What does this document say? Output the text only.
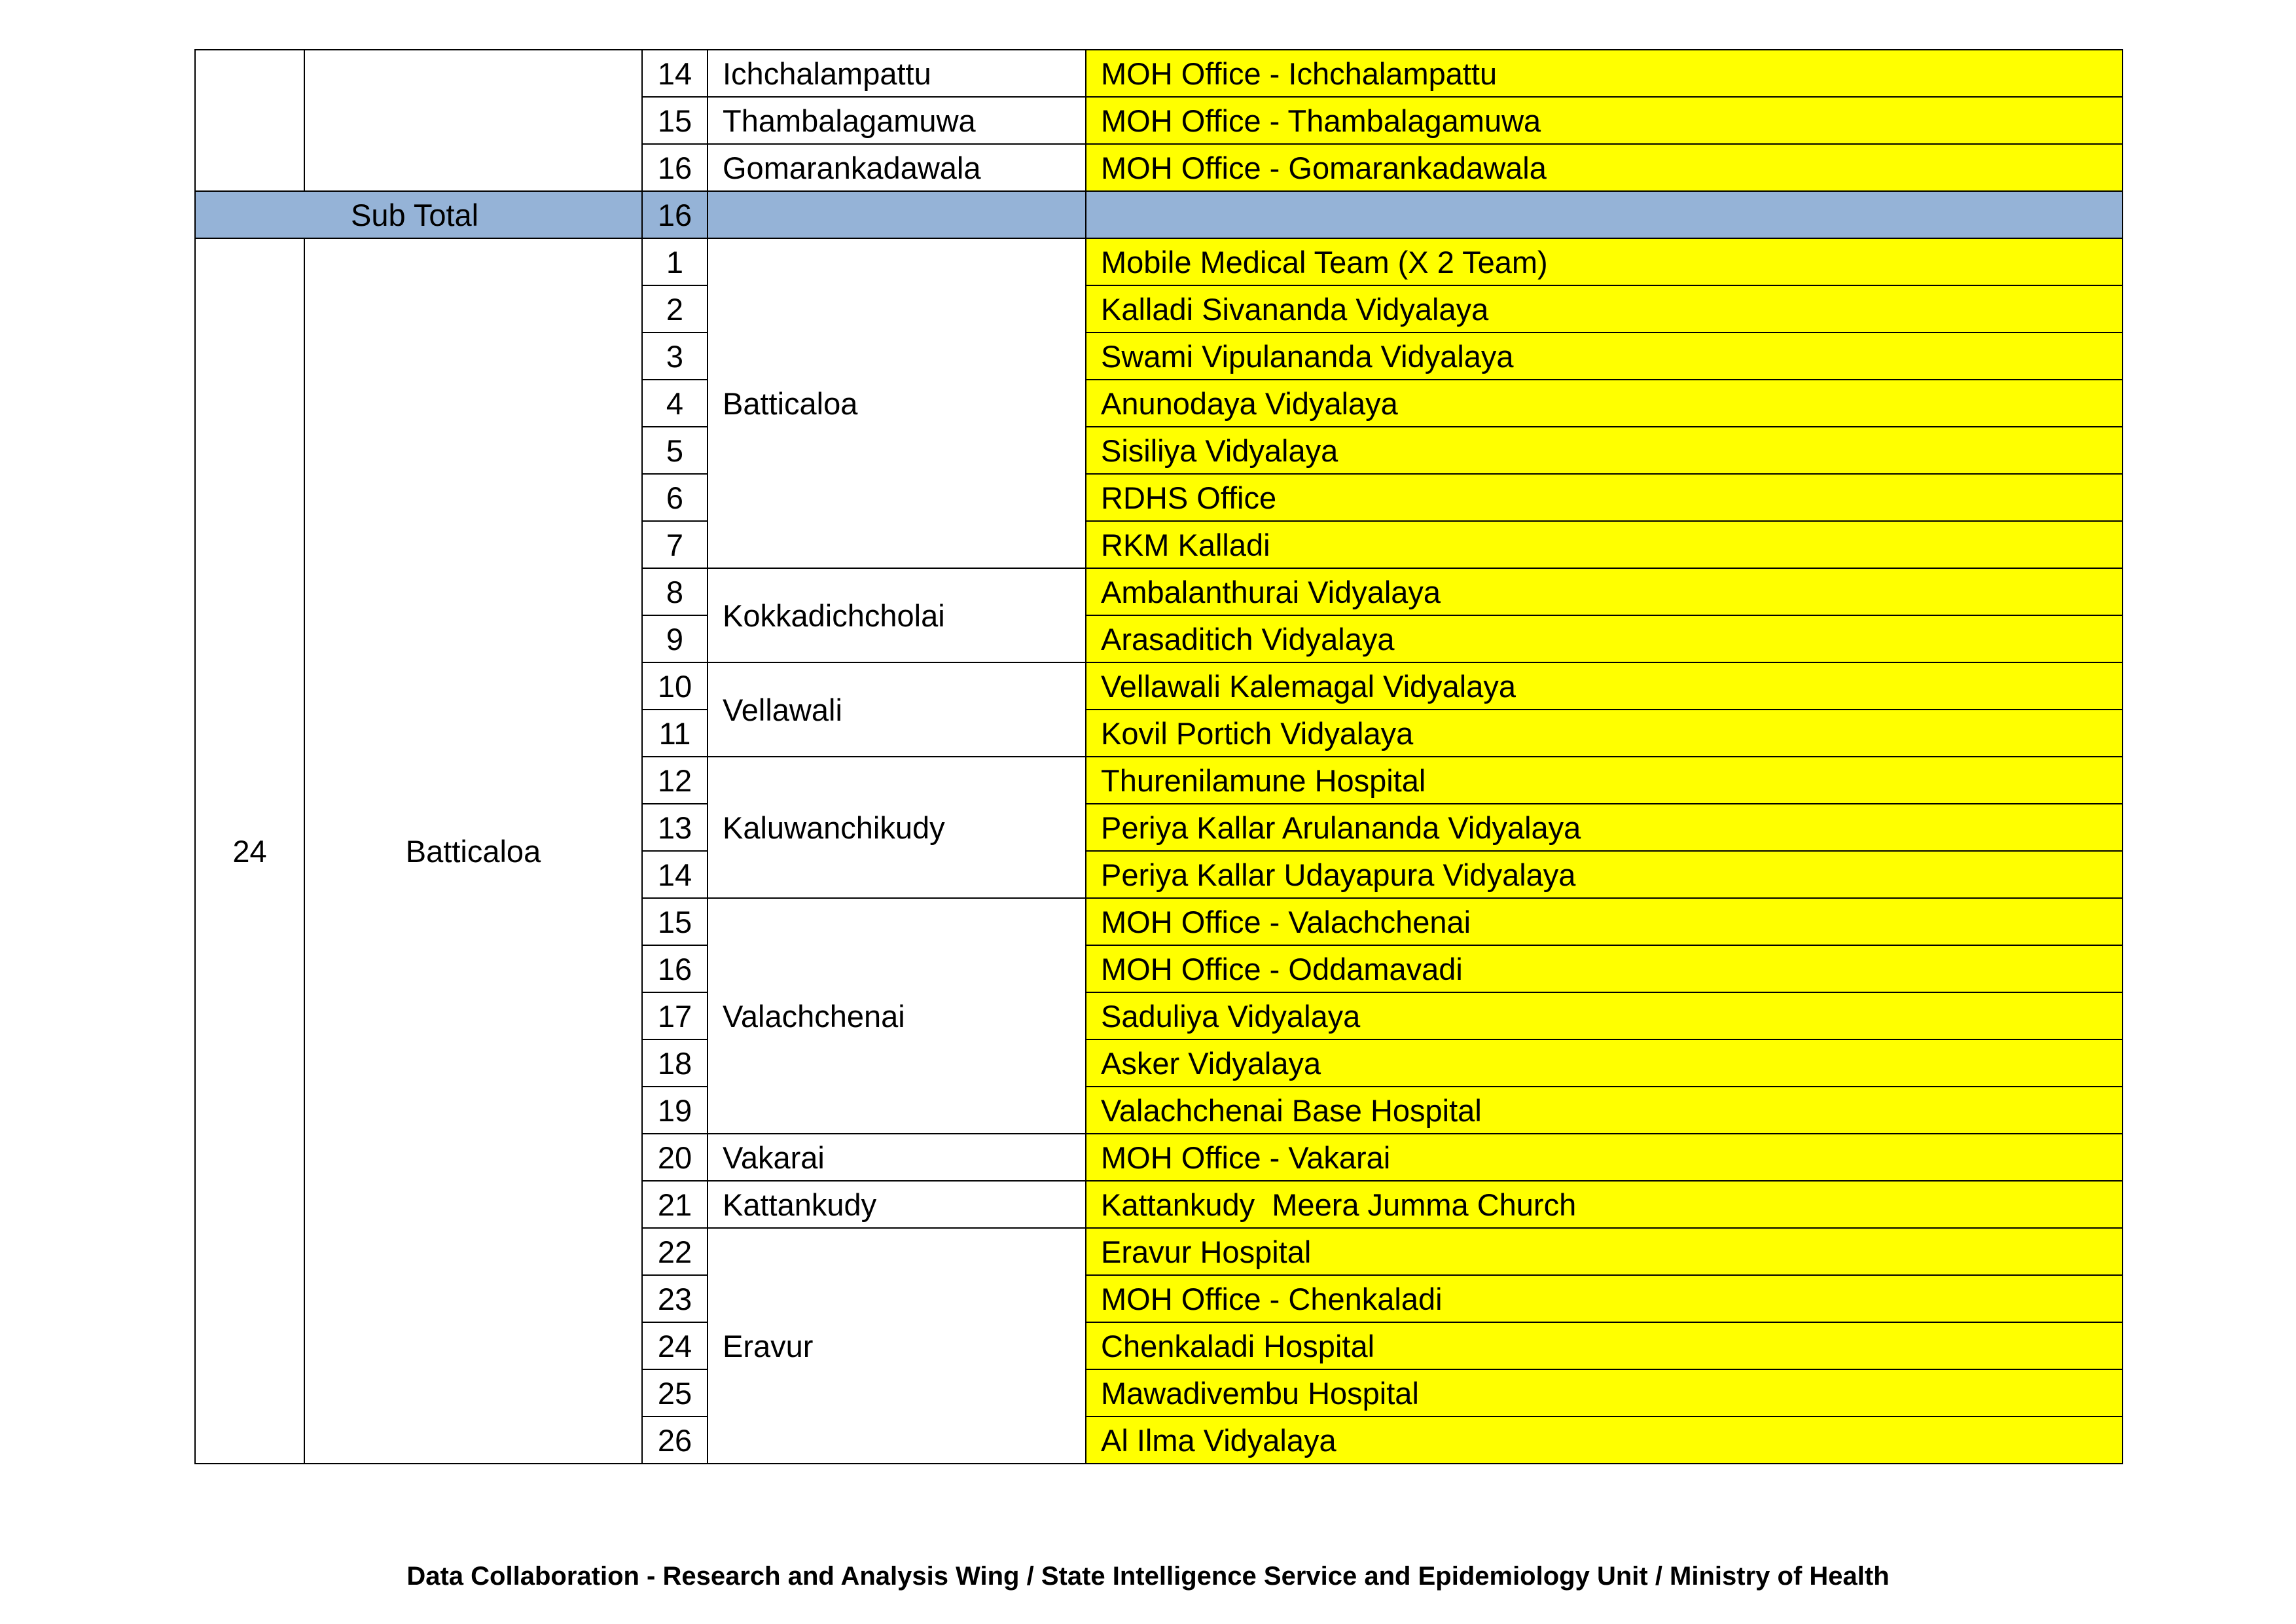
		14	Ichchalampattu	MOH Office - Ichchalampattu
		15	Thambalagamuwa	MOH Office - Thambalagamuwa
		16	Gomarankadawala	MOH Office - Gomarankadawala
Sub Total		16		
24	Batticaloa	1	Batticaloa	Mobile Medical Team (X 2 Team)
		2		Kalladi Sivananda Vidyalaya
		3		Swami Vipulananda Vidyalaya
		4		Anunodaya Vidyalaya
		5		Sisiliya Vidyalaya
		6		RDHS Office
		7		RKM Kalladi
		8	Kokkadichcholai	Ambalanthurai Vidyalaya
		9		Arasaditich Vidyalaya
		10	Vellawali	Vellawali Kalemagal Vidyalaya
		11		Kovil Portich Vidyalaya
		12	Kaluwanchikudy	Thurenilamune Hospital
		13		Periya Kallar Arulananda Vidyalaya
		14		Periya Kallar Udayapura Vidyalaya
		15	Valachchenai	MOH Office - Valachchenai
		16		MOH Office - Oddamavadi
		17		Saduliya Vidyalaya
		18		Asker Vidyalaya
		19		Valachchenai Base Hospital
		20	Vakarai	MOH Office - Vakarai
		21	Kattankudy	Kattankudy  Meera Jumma Church
		22	Eravur	Eravur Hospital
		23		MOH Office - Chenkaladi
		24		Chenkaladi Hospital
		25		Mawadivembu Hospital
		26		Al Ilma Vidyalaya
Data Collaboration - Research and Analysis Wing / State Intelligence Service and Epidemiology Unit / Ministry of Health
